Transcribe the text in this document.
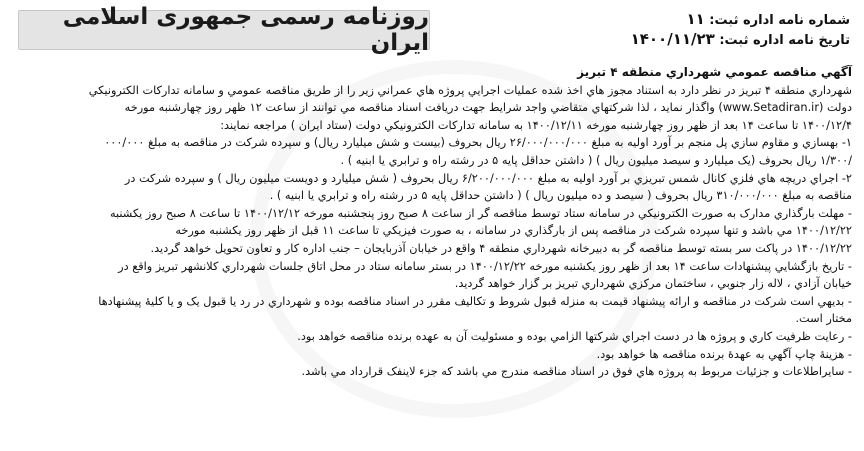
شماره نامه اداره ثبت: ۱۱
تاریخ نامه اداره ثبت: ۱۴۰۰/۱۱/۲۳
روزنامه رسمی جمهوری اسلامی ایران
آگهي مناقصه عمومي شهرداري منطقه ۴ تبريز
شهرداري منطقه ۴ تبريز در نظر دارد به استناد مجوز هاي اخذ شده عمليات اجرايي پروژه هاي عمراني زير را از طريق مناقصه عمومي و سامانه تدارکات الکترونيکي
دولت (www.Setadiran.ir) واگذار نمايد ، لذا شرکتهاي متقاضي واجد شرايط جهت دريافت اسناد مناقصه مي توانند از ساعت ۱۲ ظهر روز چهارشنبه مورخه
۱۴۰۰/۱۲/۴ تا ساعت ۱۴ بعد از ظهر روز چهارشنبه مورخه ۱۴۰۰/۱۲/۱۱ به سامانه تدارکات الکترونيکي دولت (ستاد ايران ) مراجعه نمايند:
۱- بهسازي و مقاوم سازي پل منجم بر آورد اوليه به مبلغ ۲۶/۰۰۰/۰۰۰/۰۰۰ ريال بحروف (بيست و شش ميليارد ريال) و سپرده شرکت در مناقصه به مبلغ ۰۰۰/۰۰۰
/۱/۳۰۰ ريال بحروف (يک ميليارد و سيصد ميليون ريال ) ( داشتن حداقل پايه ۵ در رشته راه و ترابري يا ابنيه ) .
۲- اجراي دريچه هاي فلزي کانال شمس تبريزي بر آورد اوليه به مبلغ ۶/۲۰۰/۰۰۰/۰۰۰ ريال بحروف ( شش ميليارد و دويست ميليون ريال ) و سپرده شرکت در
مناقصه به مبلغ ۳۱۰/۰۰۰/۰۰۰ ريال بحروف ( سيصد و ده ميليون ريال ) ( داشتن حداقل پايه ۵ در رشته راه و ترابري يا ابنيه ) .
- مهلت بارگذاري مدارک به صورت الکترونيکي در سامانه ستاد توسط مناقصه گر از ساعت ۸ صبح روز پنجشنبه مورخه ۱۴۰۰/۱۲/۱۲ تا ساعت ۸ صبح روز يکشنبه
۱۴۰۰/۱۲/۲۲ مي باشد و تنها سپرده شرکت در مناقصه پس از بارگذاري در سامانه ، به صورت فيزيکي تا ساعت ۱۱ قبل از ظهر روز يکشنبه مورخه
۱۴۰۰/۱۲/۲۲ در پاکت سر بسته توسط مناقصه گر به دبيرخانه شهرداري منطقه ۴ واقع در خيابان آذربايجان – جنب اداره کار و تعاون تحويل خواهد گرديد.
- تاريخ بازگشايي پيشنهادات ساعت ۱۴ بعد از ظهر روز يکشنبه مورخه ۱۴۰۰/۱۲/۲۲ در بستر سامانه ستاد در محل اتاق جلسات شهرداري کلانشهر تبريز واقع در
خيابان آزادي ، لاله زار جنوبي ، ساختمان مرکزي شهرداري تبريز بر گزار خواهد گرديد.
- بديهي است شرکت در مناقصه و ارائه پيشنهاد قيمت به منزله قبول شروط و تکاليف مقرر در اسناد مناقصه بوده و شهرداري در رد يا قبول يک و يا کليۀ پيشنهادها
مختار است.
- رعايت ظرفيت کاري و پروژه ها در دست اجراي شرکتها الزامي بوده و مسئوليت آن به عهده برنده مناقصه خواهد بود.
- هزينۀ چاپ آگهي به عهدۀ برنده مناقصه ها خواهد بود.
- سايراطلاعات و جزئيات مربوط به پروژه هاي فوق در اسناد مناقصه مندرج مي باشد که جزء لاينفک قرارداد مي باشد.
